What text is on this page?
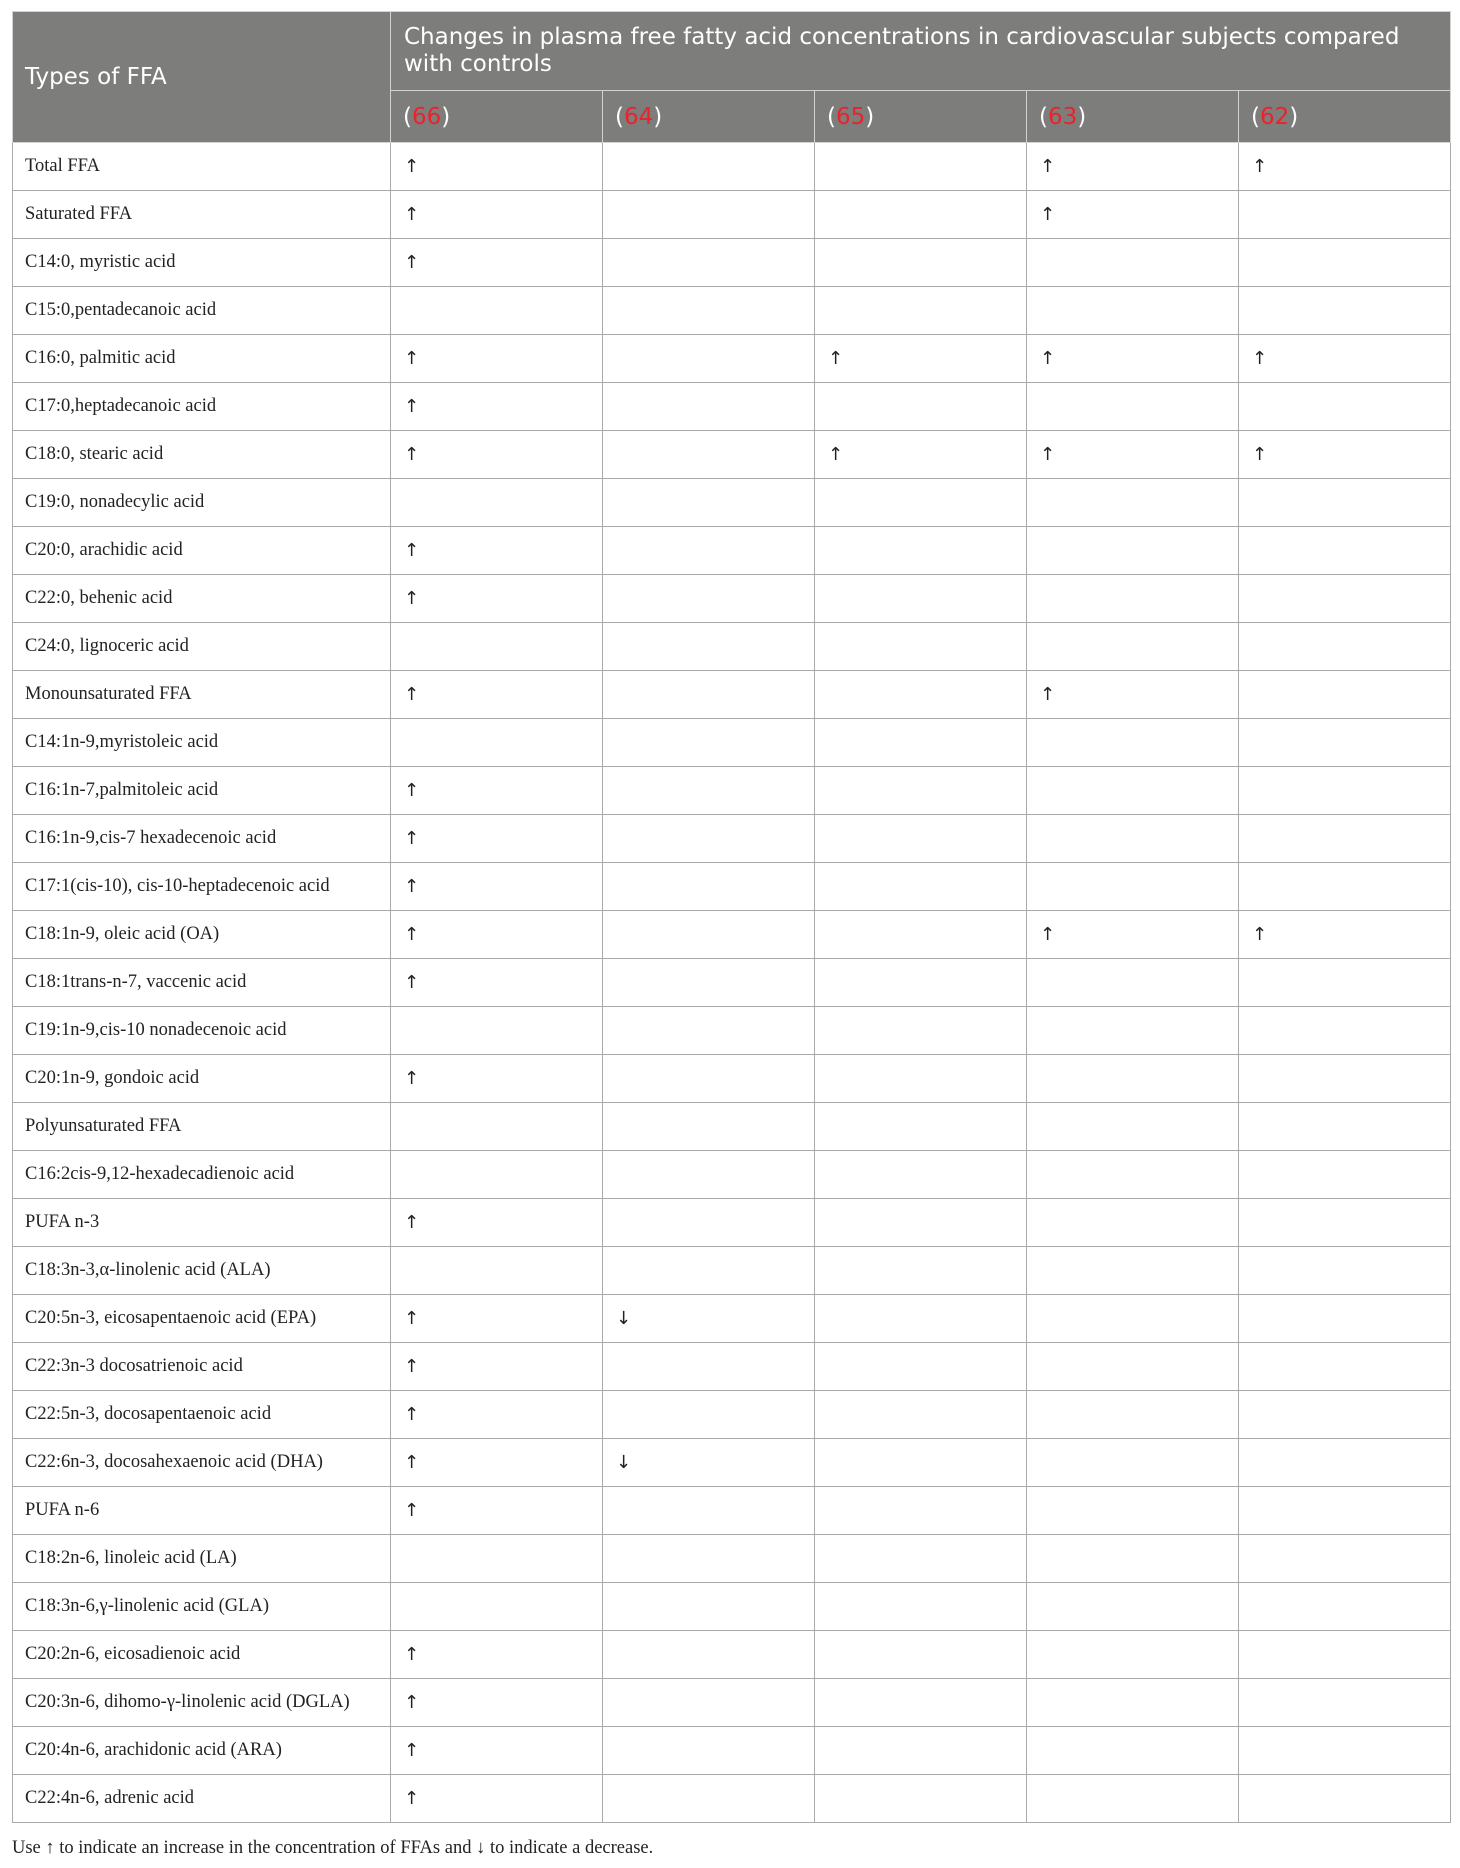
Types of FFA	Changes in plasma free fatty acid concentrations in cardiovascular subjects compared with controls				
	(66)	(64)	(65)	(63)	(62)
Total FFA	↑			↑	↑
Saturated FFA	↑			↑	
C14:0, myristic acid	↑				
C15:0,pentadecanoic acid					
C16:0, palmitic acid	↑		↑	↑	↑
C17:0,heptadecanoic acid	↑				
C18:0, stearic acid	↑		↑	↑	↑
C19:0, nonadecylic acid					
C20:0, arachidic acid	↑				
C22:0, behenic acid	↑				
C24:0, lignoceric acid					
Monounsaturated FFA	↑			↑	
C14:1n-9,myristoleic acid					
C16:1n-7,palmitoleic acid	↑				
C16:1n-9,cis-7 hexadecenoic acid	↑				
C17:1(cis-10), cis-10-heptadecenoic acid	↑				
C18:1n-9, oleic acid (OA)	↑			↑	↑
C18:1trans-n-7, vaccenic acid	↑				
C19:1n-9,cis-10 nonadecenoic acid					
C20:1n-9, gondoic acid	↑				
Polyunsaturated FFA					
C16:2cis-9,12-hexadecadienoic acid					
PUFA n-3	↑				
C18:3n-3,α-linolenic acid (ALA)					
C20:5n-3, eicosapentaenoic acid (EPA)	↑	↓			
C22:3n-3 docosatrienoic acid	↑				
C22:5n-3, docosapentaenoic acid	↑				
C22:6n-3, docosahexaenoic acid (DHA)	↑	↓			
PUFA n-6	↑				
C18:2n-6, linoleic acid (LA)					
C18:3n-6,γ-linolenic acid (GLA)					
C20:2n-6, eicosadienoic acid	↑				
C20:3n-6, dihomo-γ-linolenic acid (DGLA)	↑				
C20:4n-6, arachidonic acid (ARA)	↑				
C22:4n-6, adrenic acid	↑				
Use ↑ to indicate an increase in the concentration of FFAs and ↓ to indicate a decrease.
